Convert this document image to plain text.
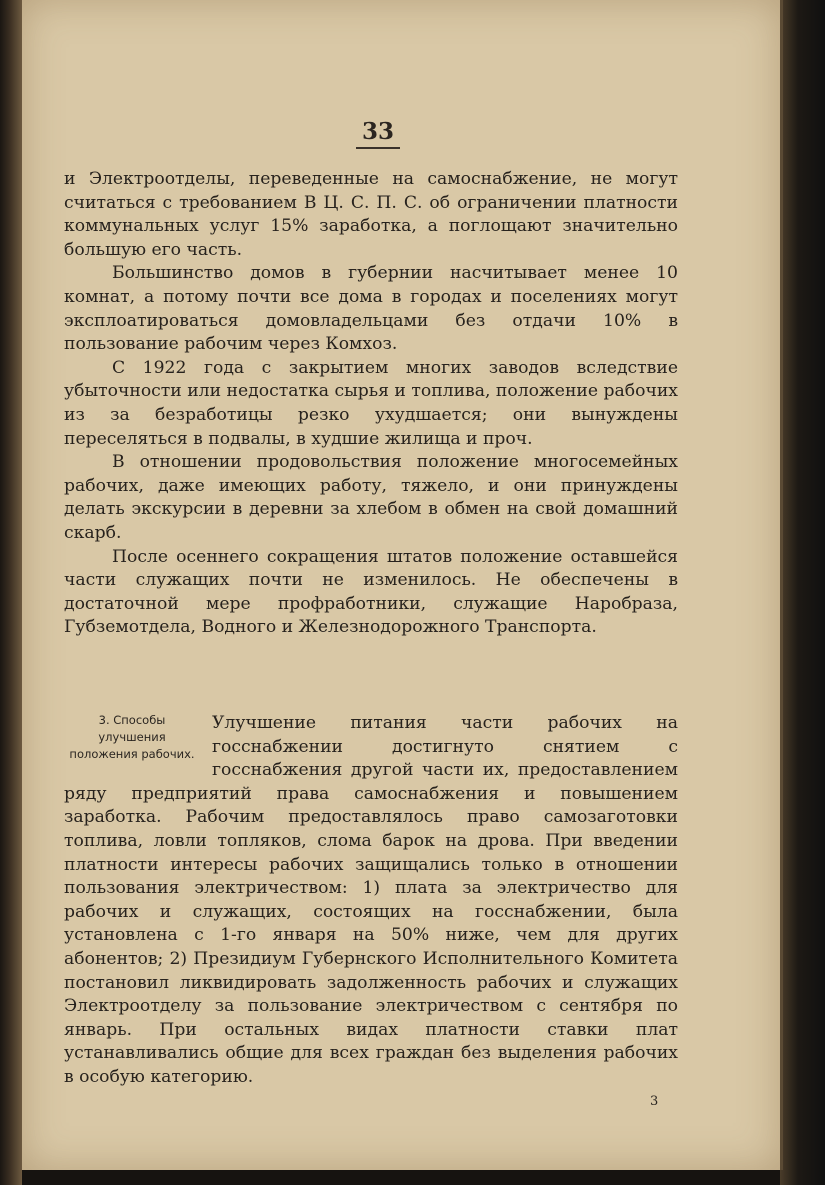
33
3

и Электроотделы, переведенные на самоснабжение, не могут считаться с требованием В Ц. С. П. С. об ограничении платности коммунальных услуг 15% заработка, а поглощают значительно большую его часть.

Большинство домов в губернии насчитывает менее 10 комнат, а потому почти все дома в городах и поселениях могут эксплоатироваться домовладельцами без отдачи 10% в пользование рабочим через Комхоз.

С 1922 года с закрытием многих заводов вследствие убыточности или недостатка сырья и топлива, положение рабочих из за безработицы резко ухудшается; они вынуждены переселяться в подвалы, в худшие жилища и проч.

В отношении продовольствия положение многосемейных рабочих, даже имеющих работу, тяжело, и они принуждены делать экскурсии в деревни за хлебом в обмен на свой домашний скарб.

После осеннего сокращения штатов положение оставшейся части служащих почти не изменилось. Не обеспечены в достаточной мере профработники, служащие Наробраза, Губземотдела, Водного и Железнодорожного Транспорта.

3. Способы улучшения положения рабочих.

Улучшение питания части рабочих на госснабжении достигнуто снятием с госснабжения другой части их, предоставлением ряду предприятий права самоснабжения и повышением заработка. Рабочим предоставлялось право самозаготовки топлива, ловли топляков, слома барок на дрова. При введении платности интересы рабочих защищались только в отношении пользования электричеством: 1) плата за электричество для рабочих и служащих, состоящих на госснабжении, была установлена с 1-го января на 50% ниже, чем для других абонентов; 2) Президиум Губернского Исполнительного Комитета постановил ликвидировать задолженность рабочих и служащих Электроотделу за пользование электричеством с сентября по январь. При остальных видах платности ставки плат устанавливались общие для всех граждан без выделения рабочих в особую категорию.
